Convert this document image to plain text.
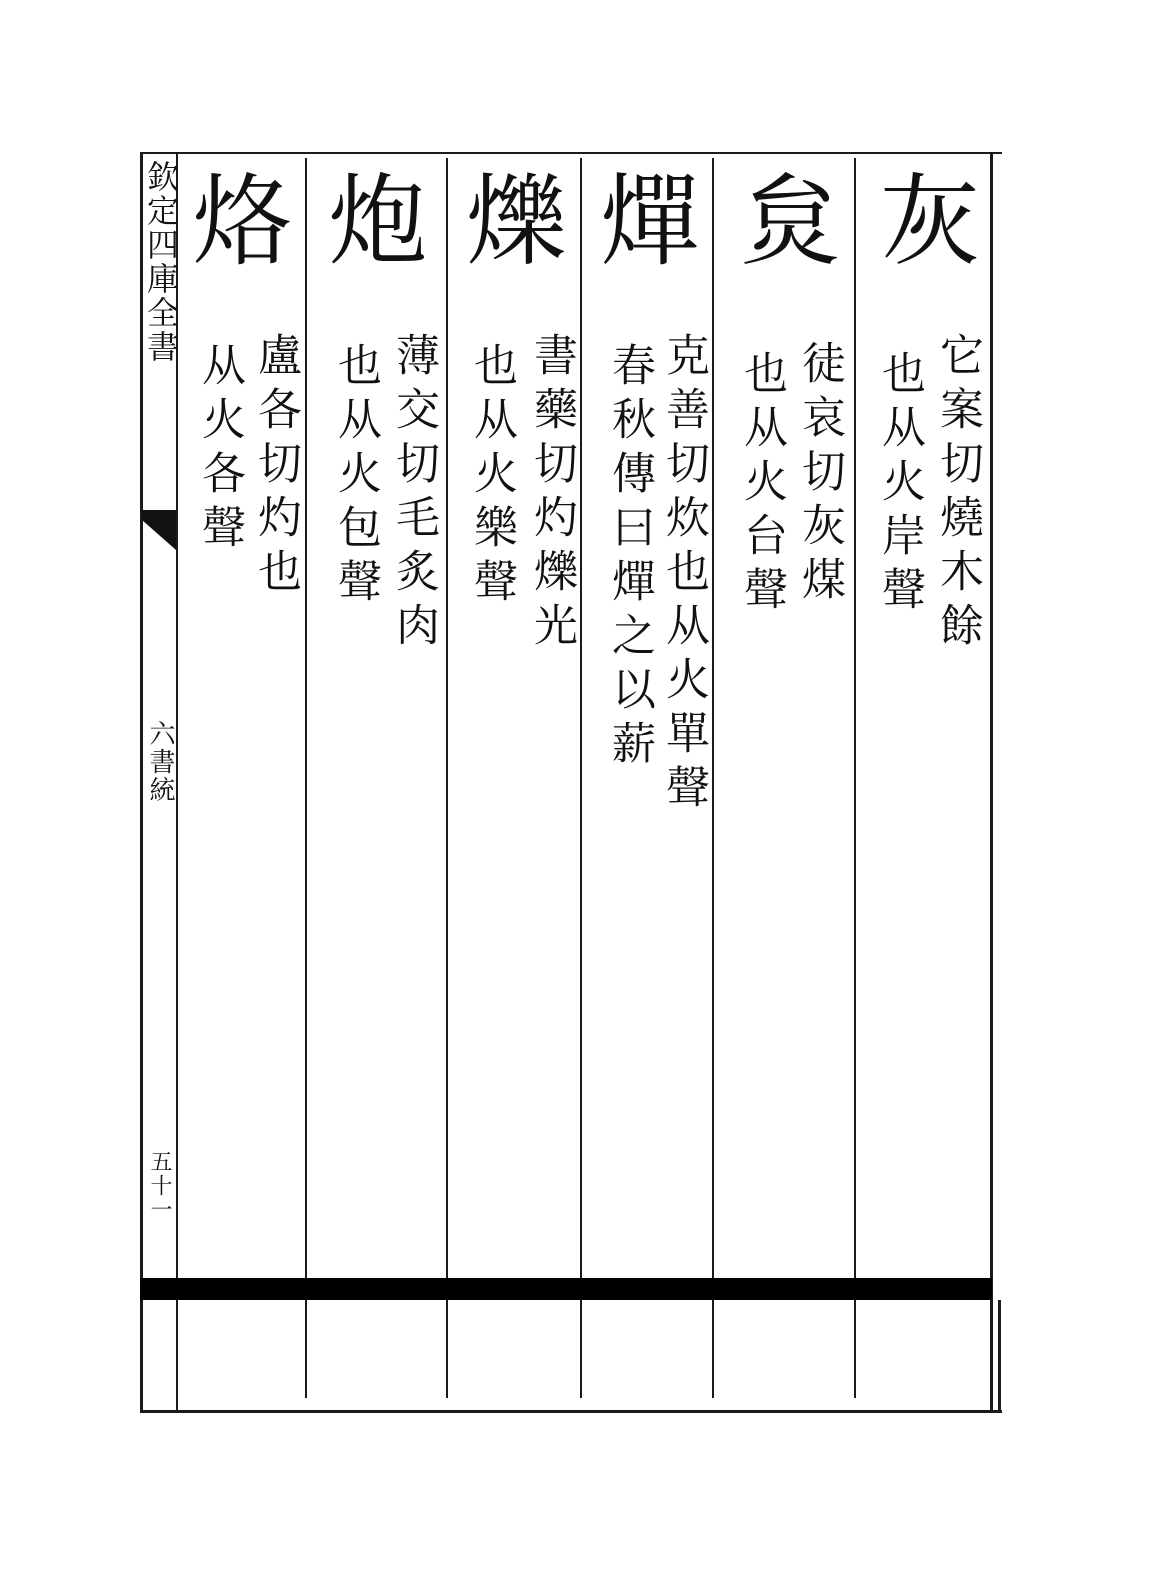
欽定四庫全書
六書統
五十一
灰
它案切燒木餘
也从火岸聲
炱
徒哀切灰煤
也从火台聲
燀
克善切炊也从火單聲
春秋傳曰燀之以薪
爍
書藥切灼爍光
也从火樂聲
炮
薄交切毛炙肉
也从火包聲
烙
盧各切灼也
从火各聲
